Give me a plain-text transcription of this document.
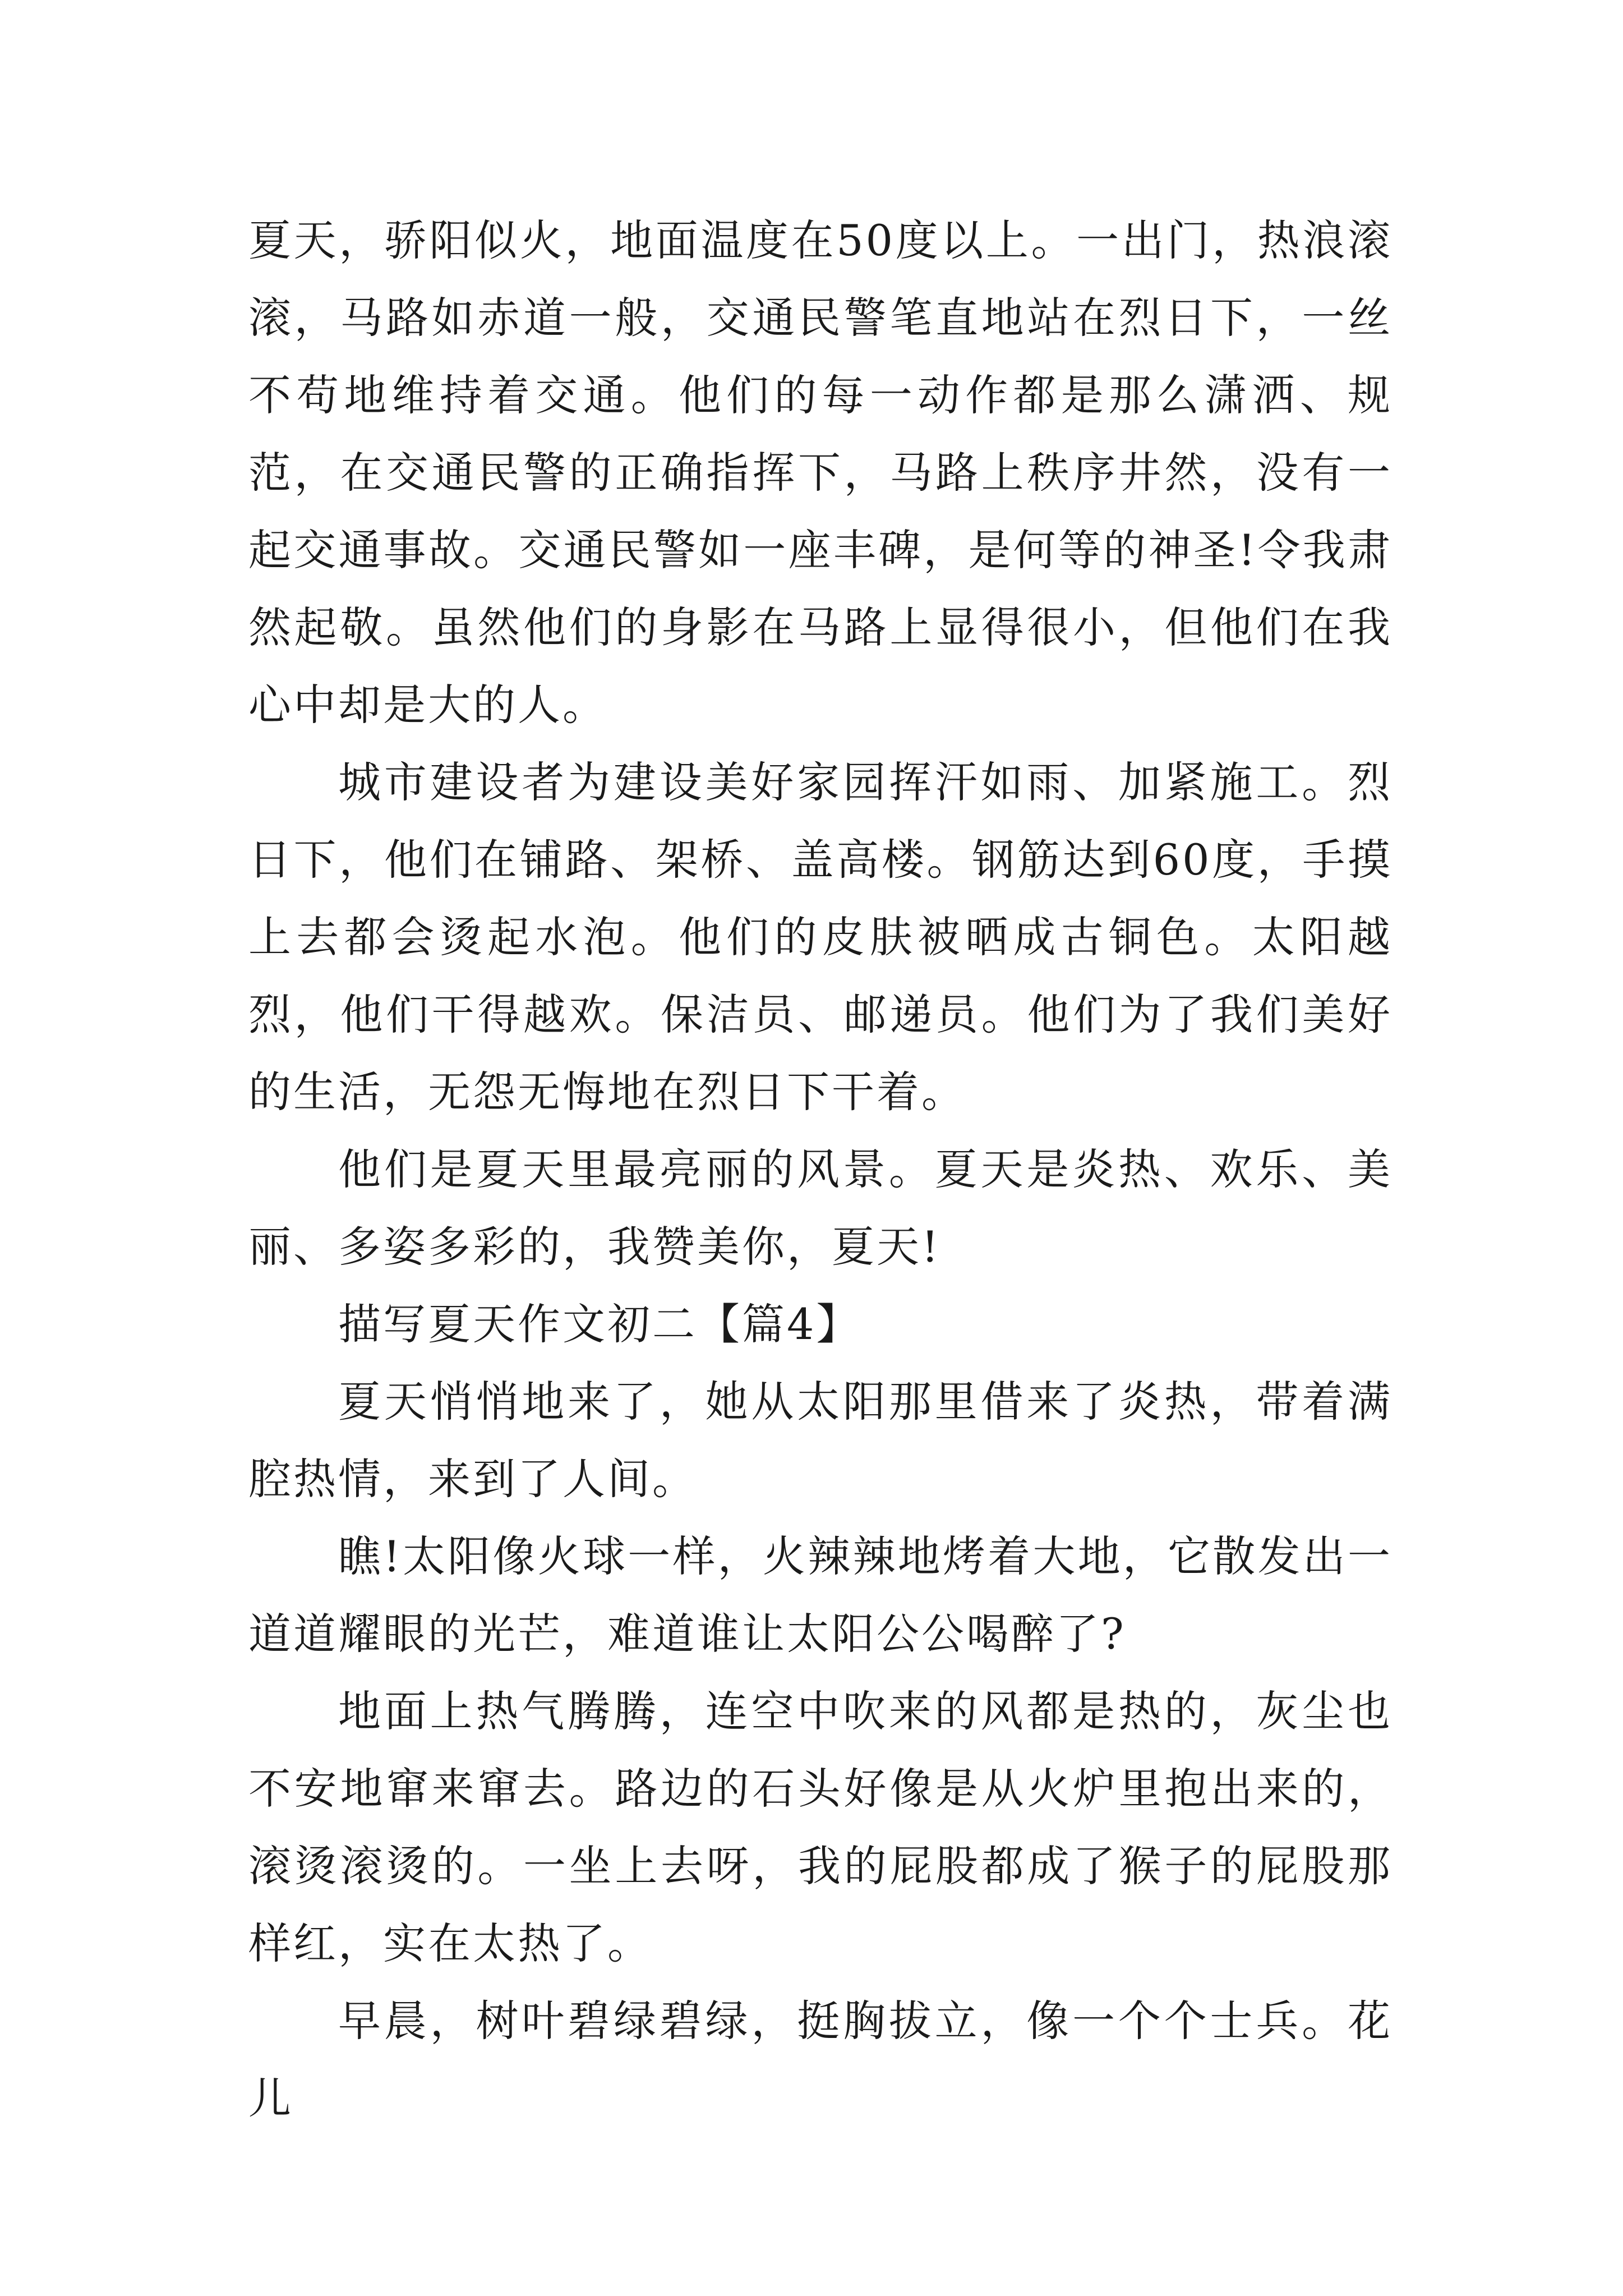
夏天，骄阳似火，地面温度在50度以上。一出门，热浪滚滚，马路如赤道一般，交通民警笔直地站在烈日下，一丝不苟地维持着交通。他们的每一动作都是那么潇洒、规范，在交通民警的正确指挥下，马路上秩序井然，没有一起交通事故。交通民警如一座丰碑，是何等的神圣!令我肃然起敬。虽然他们的身影在马路上显得很小，但他们在我心中却是大的人。

城市建设者为建设美好家园挥汗如雨、加紧施工。烈日下，他们在铺路、架桥、盖高楼。钢筋达到60度，手摸上去都会烫起水泡。他们的皮肤被晒成古铜色。太阳越烈，他们干得越欢。保洁员、邮递员。他们为了我们美好的生活，无怨无悔地在烈日下干着。

他们是夏天里最亮丽的风景。夏天是炎热、欢乐、美丽、多姿多彩的，我赞美你，夏天!

描写夏天作文初二【篇4】

夏天悄悄地来了，她从太阳那里借来了炎热，带着满腔热情，来到了人间。

瞧!太阳像火球一样，火辣辣地烤着大地，它散发出一道道耀眼的光芒，难道谁让太阳公公喝醉了?

地面上热气腾腾，连空中吹来的风都是热的，灰尘也不安地窜来窜去。路边的石头好像是从火炉里抱出来的，滚烫滚烫的。一坐上去呀，我的屁股都成了猴子的屁股那样红，实在太热了。

早晨，树叶碧绿碧绿，挺胸拔立，像一个个士兵。花儿
